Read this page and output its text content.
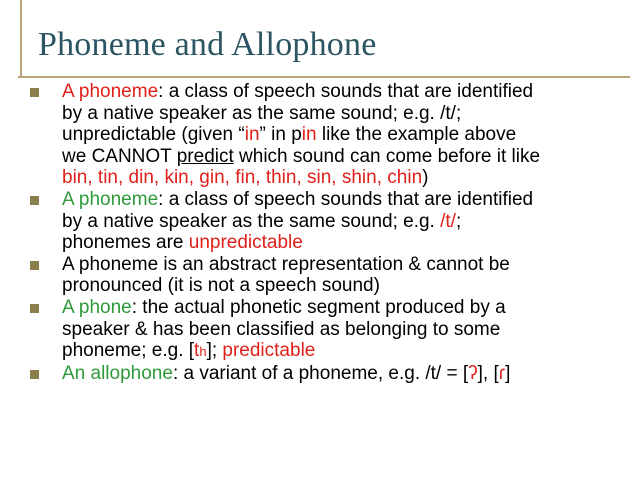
Phoneme and Allophone
A phoneme: a class of speech sounds that are identified
by a native speaker as the same sound; e.g. /t/;
unpredictable (given “in” in pin like the example above
we CANNOT predict which sound can come before it like
bin, tin, din, kin, gin, fin, thin, sin, shin, chin)
A phoneme: a class of speech sounds that are identified
by a native speaker as the same sound; e.g. /t/;
phonemes are unpredictable
A phoneme is an abstract representation & cannot be
pronounced (it is not a speech sound)
A phone: the actual phonetic segment produced by a
speaker & has been classified as belonging to some
phoneme; e.g. [th]; predictable
An allophone: a variant of a phoneme, e.g. /t/ = [ʔ], [ɾ]
